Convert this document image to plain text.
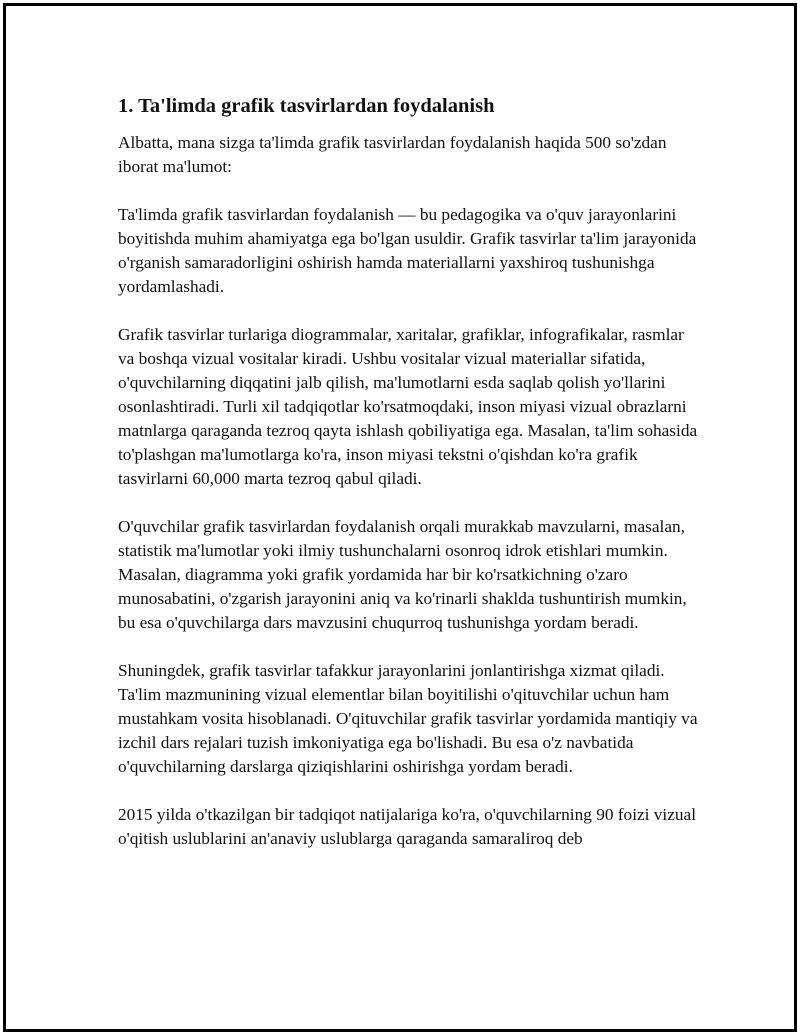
1. Ta'limda grafik tasvirlardan foydalanish

Albatta, mana sizga ta'limda grafik tasvirlardan foydalanish haqida 500 so'zdan iborat ma'lumot:

Ta'limda grafik tasvirlardan foydalanish — bu pedagogika va o'quv jarayonlarini boyitishda muhim ahamiyatga ega bo'lgan usuldir. Grafik tasvirlar ta'lim jarayonida o'rganish samaradorligini oshirish hamda materiallarni yaxshiroq tushunishga yordamlashadi.

Grafik tasvirlar turlariga diogrammalar, xaritalar, grafiklar, infografikalar, rasmlar va boshqa vizual vositalar kiradi. Ushbu vositalar vizual materiallar sifatida, o'quvchilarning diqqatini jalb qilish, ma'lumotlarni esda saqlab qolish yo'llarini osonlashtiradi. Turli xil tadqiqotlar ko'rsatmoqdaki, inson miyasi vizual obrazlarni matnlarga qaraganda tezroq qayta ishlash qobiliyatiga ega. Masalan, ta'lim sohasida to'plashgan ma'lumotlarga ko'ra, inson miyasi tekstni o'qishdan ko'ra grafik tasvirlarni 60,000 marta tezroq qabul qiladi.

O'quvchilar grafik tasvirlardan foydalanish orqali murakkab mavzularni, masalan, statistik ma'lumotlar yoki ilmiy tushunchalarni osonroq idrok etishlari mumkin. Masalan, diagramma yoki grafik yordamida har bir ko'rsatkichning o'zaro munosabatini, o'zgarish jarayonini aniq va ko'rinarli shaklda tushuntirish mumkin, bu esa o'quvchilarga dars mavzusini chuqurroq tushunishga yordam beradi.

Shuningdek, grafik tasvirlar tafakkur jarayonlarini jonlantirishga xizmat qiladi. Ta'lim mazmunining vizual elementlar bilan boyitilishi o'qituvchilar uchun ham mustahkam vosita hisoblanadi. O'qituvchilar grafik tasvirlar yordamida mantiqiy va izchil dars rejalari tuzish imkoniyatiga ega bo'lishadi. Bu esa o'z navbatida o'quvchilarning darslarga qiziqishlarini oshirishga yordam beradi.

2015 yilda o'tkazilgan bir tadqiqot natijalariga ko'ra, o'quvchilarning 90 foizi vizual o'qitish uslublarini an'anaviy uslublarga qaraganda samaraliroq deb
